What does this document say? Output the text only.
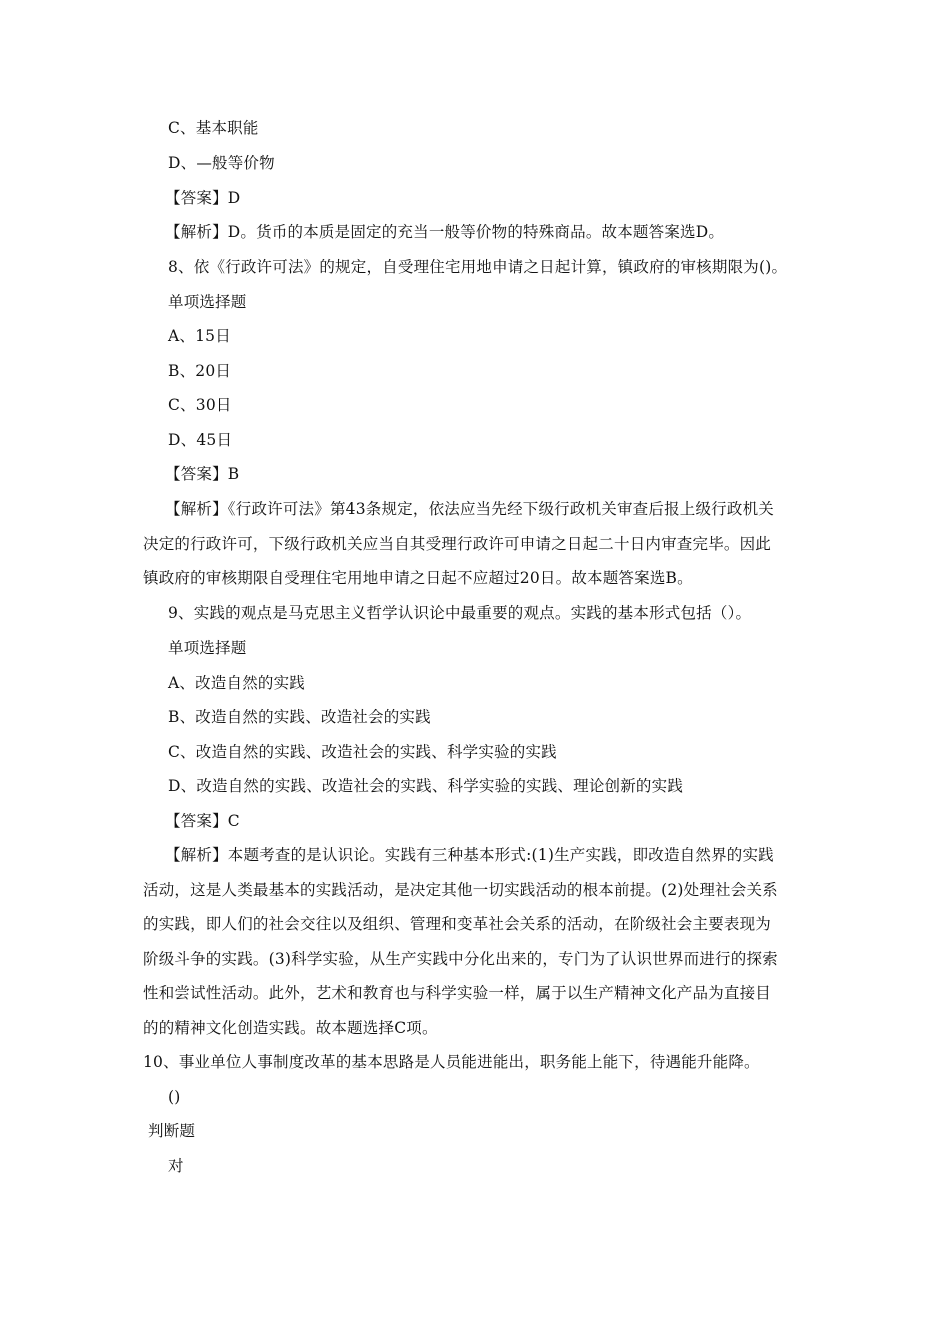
C、基本职能
D、—般等价物
【答案】D
【解析】D。货币的本质是固定的充当一般等价物的特殊商品。故本题答案选D。
8、依《行政许可法》的规定，自受理住宅用地申请之日起计算，镇政府的审核期限为()。
单项选择题
A、15日
B、20日
C、30日
D、45日
【答案】B
【解析】《行政许可法》第43条规定，依法应当先经下级行政机关审查后报上级行政机关
决定的行政许可，下级行政机关应当自其受理行政许可申请之日起二十日内审查完毕。因此
镇政府的审核期限自受理住宅用地申请之日起不应超过20日。故本题答案选B。
9、实践的观点是马克思主义哲学认识论中最重要的观点。实践的基本形式包括（）。
单项选择题
A、改造自然的实践
B、改造自然的实践、改造社会的实践
C、改造自然的实践、改造社会的实践、科学实验的实践
D、改造自然的实践、改造社会的实践、科学实验的实践、理论创新的实践
【答案】C
【解析】本题考查的是认识论。实践有三种基本形式:(1)生产实践，即改造自然界的实践
活动，这是人类最基本的实践活动，是决定其他一切实践活动的根本前提。(2)处理社会关系
的实践，即人们的社会交往以及组织、管理和变革社会关系的活动，在阶级社会主要表现为
阶级斗争的实践。(3)科学实验，从生产实践中分化出来的，专门为了认识世界而进行的探索
性和尝试性活动。此外，艺术和教育也与科学实验一样，属于以生产精神文化产品为直接目
的的精神文化创造实践。故本题选择C项。
10、事业单位人事制度改革的基本思路是人员能进能出，职务能上能下，待遇能升能降。
()
判断题
对
